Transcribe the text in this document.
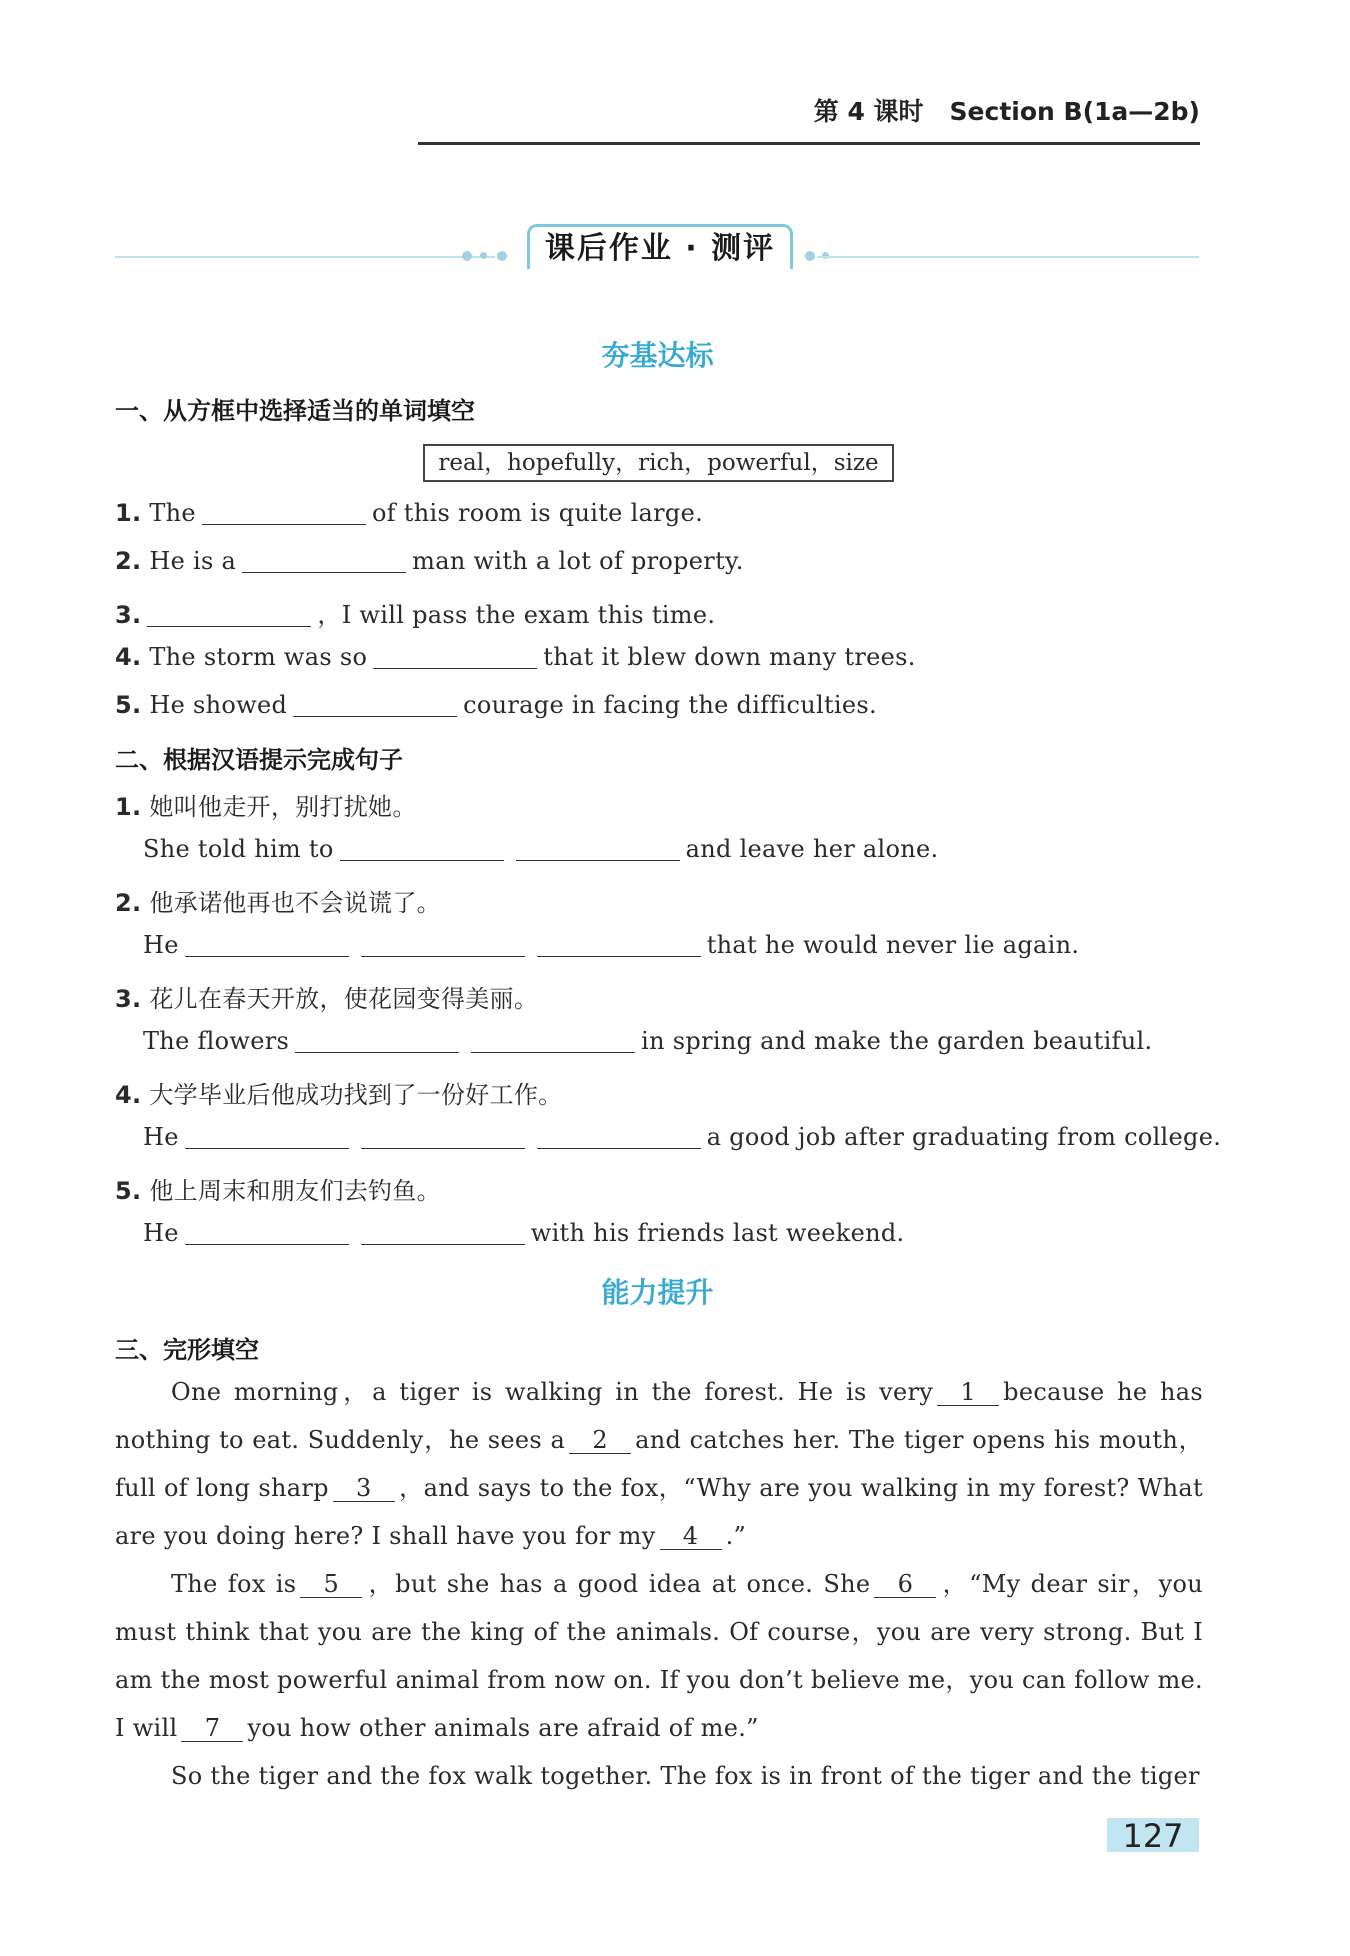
第 4 课时 Section B(1a—2b)
课后作业 · 测评
夯基达标
一、从方框中选择适当的单词填空
real，hopefully，rich，powerful，size
1. The	of this room is quite large.
2. He is a	man with a lot of property.
3.	，I will pass the exam this time.
4. The storm was so	that it blew down many trees.
5. He showed	courage in facing the difficulties.
二、根据汉语提示完成句子
1. 她叫他走开，别打扰她。
She told him to	and leave her alone.
2. 他承诺他再也不会说谎了。
He	that he would never lie again.
3. 花儿在春天开放，使花园变得美丽。
The flowers	in spring and make the garden beautiful.
4. 大学毕业后他成功找到了一份好工作。
He	a good job after graduating from college.
5. 他上周末和朋友们去钓鱼。
He	with his friends last weekend.
能力提升
三、完形填空
One morning，a tiger is walking in the forest. He is very 1 because he has nothing to eat. Suddenly，he sees a 2 and catches her. The tiger opens his mouth，full of long sharp 3 ，and says to the fox，“Why are you walking in my forest? What are you doing here? I shall have you for my 4 .”
The fox is 5 ，but she has a good idea at once. She 6 ，“My dear sir，you must think that you are the king of the animals. Of course，you are very strong. But I am the most powerful animal from now on. If you don’t believe me，you can follow me. I will 7 you how other animals are afraid of me.”
So the tiger and the fox walk together. The fox is in front of the tiger and the tiger
127
